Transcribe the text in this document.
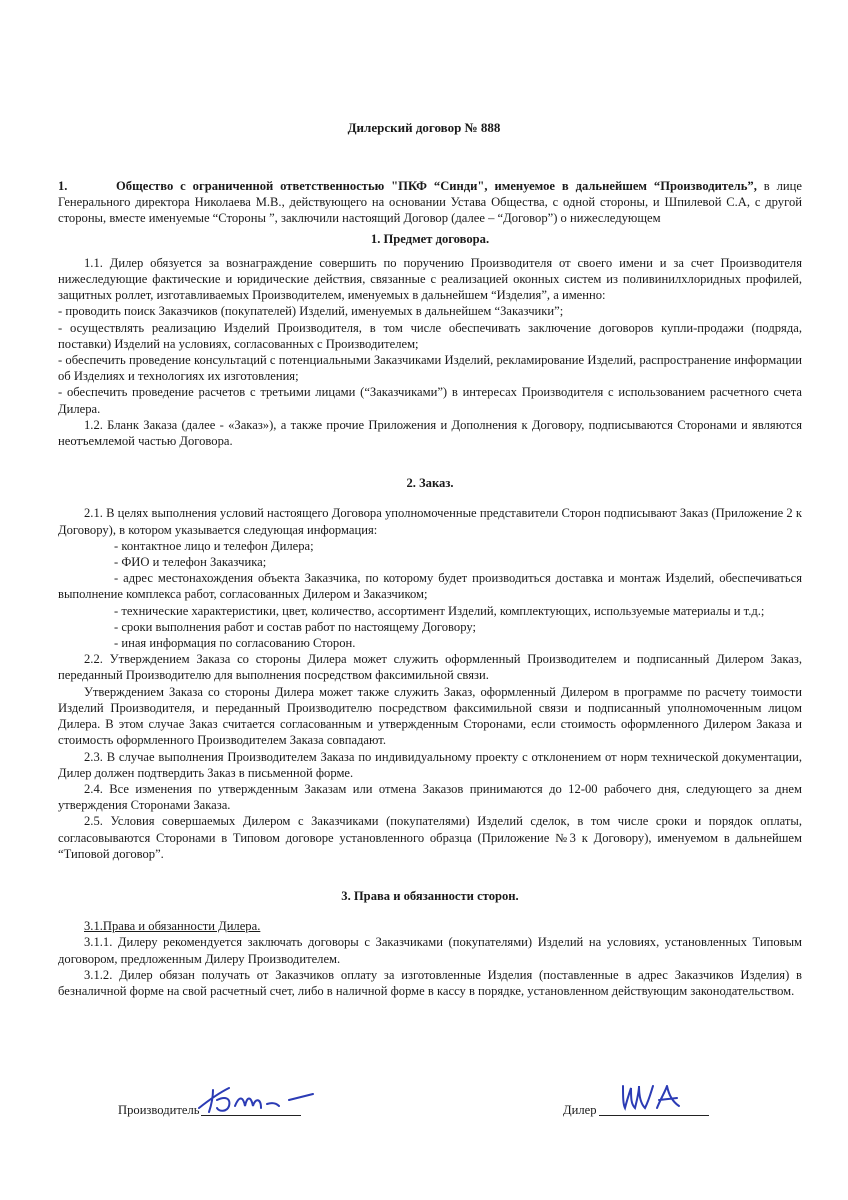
Дилерский договор № 888

1.	Общество с ограниченной ответственностью "ПКФ “Синди", именуемое в дальнейшем “Производитель”, в лице Генерального директора Николаева М.В., действующего на основании Устава Общества, с одной стороны, и Шпилевой С.А, с другой стороны, вместе именуемые “Стороны ”, заключили настоящий Договор (далее – “Договор”) о нижеследующем

1. Предмет договора.

1.1. Дилер обязуется за вознаграждение совершить по поручению Производителя от своего имени и за счет Производителя нижеследующие фактические и юридические действия, связанные с реализацией оконных систем из поливинилхлоридных профилей, защитных роллет, изготавливаемых Производителем, именуемых в дальнейшем “Изделия”, а именно:

- проводить поиск Заказчиков (покупателей) Изделий, именуемых в дальнейшем “Заказчики”;

- осуществлять реализацию Изделий Производителя, в том числе обеспечивать заключение договоров купли-продажи (подряда, поставки) Изделий на условиях, согласованных с Производителем;

- обеспечить проведение консультаций с потенциальными Заказчиками Изделий, рекламирование Изделий, распространение информации об Изделиях и технологиях их изготовления;

- обеспечить проведение расчетов с третьими лицами (“Заказчиками”) в интересах Производителя с использованием расчетного счета Дилера.

1.2. Бланк Заказа (далее - «Заказ»), а также прочие Приложения и Дополнения к Договору, подписываются Сторонами и являются неотъемлемой частью Договора.

2. Заказ.

2.1. В целях выполнения условий настоящего Договора уполномоченные представители Сторон подписывают Заказ (Приложение 2 к Договору), в котором указывается следующая информация:

- контактное лицо и телефон Дилера;

- ФИО и телефон Заказчика;

- адрес местонахождения объекта Заказчика, по которому будет производиться доставка и монтаж Изделий, обеспечиваться выполнение комплекса работ, согласованных Дилером и Заказчиком;

- технические характеристики, цвет, количество, ассортимент Изделий, комплектующих, используемые материалы и т.д.;

- сроки выполнения работ и состав работ по настоящему Договору;

- иная информация по согласованию Сторон.

2.2. Утверждением Заказа со стороны Дилера может служить оформленный Производителем и подписанный Дилером Заказ, переданный Производителю для выполнения посредством факсимильной связи.

Утверждением Заказа со стороны Дилера может также служить Заказ, оформленный Дилером в программе по расчету тоимости Изделий Производителя, и переданный Производителю посредством факсимильной связи и подписанный уполномоченным лицом Дилера. В этом случае Заказ считается согласованным и утвержденным Сторонами, если стоимость оформленного Дилером Заказа и стоимость оформленного Производителем Заказа совпадают.

2.3. В случае выполнения Производителем Заказа по индивидуальному проекту с отклонением от норм технической документации, Дилер должен подтвердить Заказ в письменной форме.

2.4. Все изменения по утвержденным Заказам или отмена Заказов принимаются до 12-00 рабочего дня, следующего за днем утверждения Сторонами Заказа.

2.5. Условия совершаемых Дилером с Заказчиками (покупателями) Изделий сделок, в том числе сроки и порядок оплаты, согласовываются Сторонами в Типовом договоре установленного образца (Приложение №3 к Договору), именуемом в дальнейшем “Типовой договор”.

3. Права и обязанности сторон.

3.1.Права и обязанности Дилера.

3.1.1. Дилеру рекомендуется заключать договоры с Заказчиками (покупателями) Изделий на условиях, установленных Типовым договором, предложенным Дилеру Производителем.

3.1.2. Дилер обязан получать от Заказчиков оплату за изготовленные Изделия (поставленные в адрес Заказчиков Изделия) в безналичной форме на свой расчетный счет, либо в наличной форме в кассу в порядке, установленном действующим законодательством.

Производитель	Дилер
